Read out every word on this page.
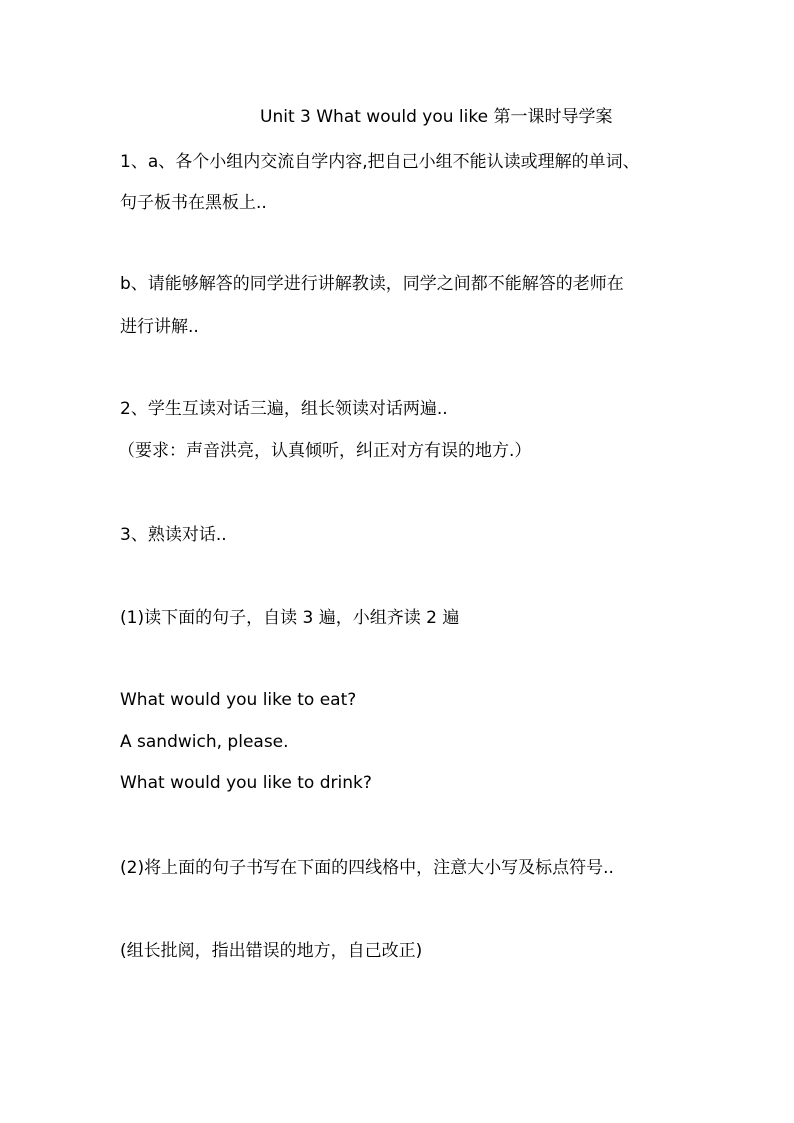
Unit 3 What would you like 第一课时导学案
1、a、各个小组内交流自学内容,把自己小组不能认读或理解的单词、
句子板书在黑板上..
b、请能够解答的同学进行讲解教读，同学之间都不能解答的老师在
进行讲解..
2、学生互读对话三遍，组长领读对话两遍..
（要求：声音洪亮，认真倾听，纠正对方有误的地方.）
3、熟读对话..
(1)读下面的句子，自读 3 遍，小组齐读 2 遍
What would you like to eat?
A sandwich, please.
What would you like to drink?
(2)将上面的句子书写在下面的四线格中，注意大小写及标点符号..
(组长批阅，指出错误的地方，自己改正)
